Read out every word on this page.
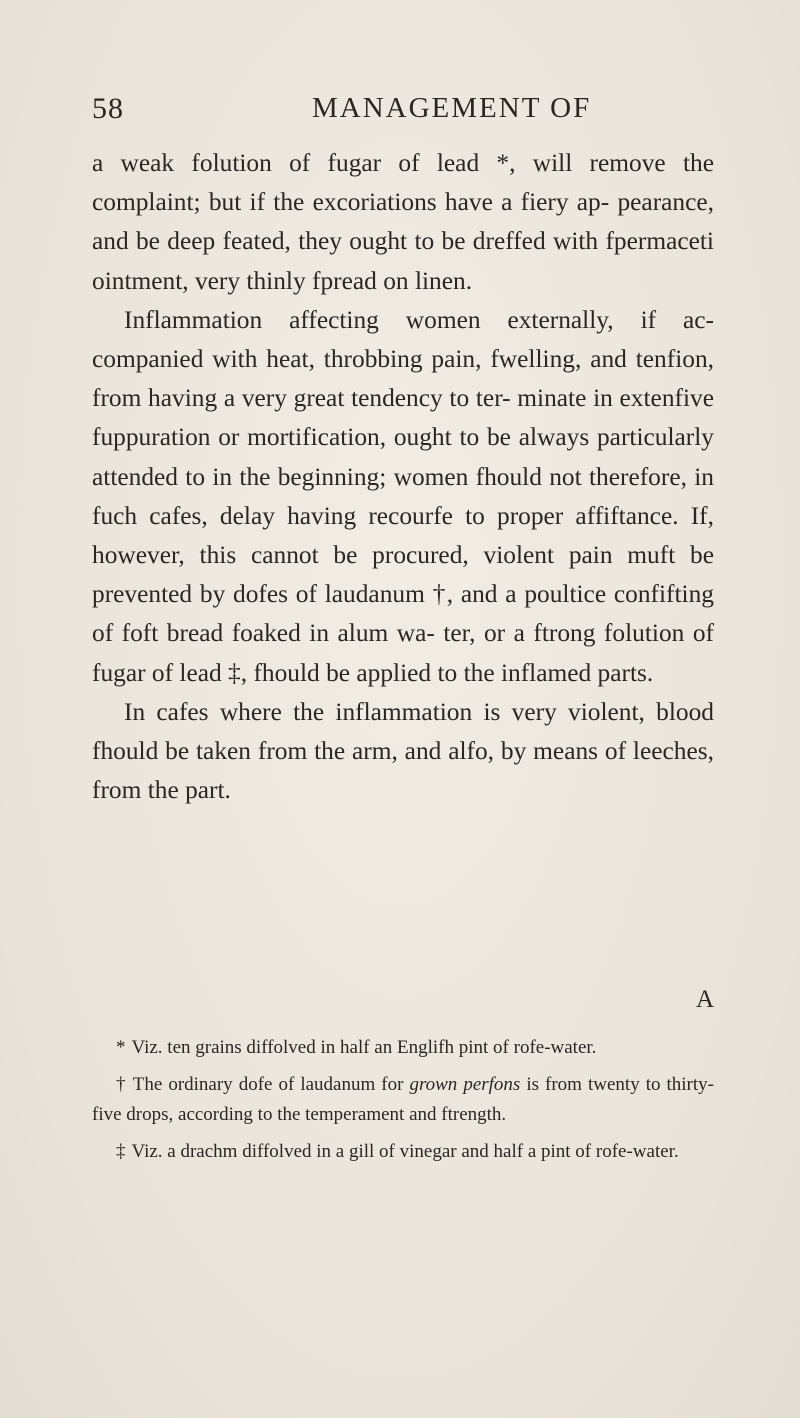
58	MANAGEMENT OF

a weak folution of fugar of lead *, will remove the complaint; but if the excoriations have a fiery ap- pearance, and be deep feated, they ought to be dreffed with fpermaceti ointment, very thinly fpread on linen.

Inflammation affecting women externally, if ac- companied with heat, throbbing pain, fwelling, and tenfion, from having a very great tendency to ter- minate in extenfive fuppuration or mortification, ought to be always particularly attended to in the beginning; women fhould not therefore, in fuch cafes, delay having recourfe to proper affiftance. If, however, this cannot be procured, violent pain muft be prevented by dofes of laudanum †, and a poultice confifting of foft bread foaked in alum wa- ter, or a ftrong folution of fugar of lead ‡, fhould be applied to the inflamed parts.

In cafes where the inflammation is very violent, blood fhould be taken from the arm, and alfo, by means of leeches, from the part.

A

* Viz. ten grains diffolved in half an Englifh pint of rofe-water.

† The ordinary dofe of laudanum for grown perfons is from twenty to thirty-five drops, according to the temperament and ftrength.

‡ Viz. a drachm diffolved in a gill of vinegar and half a pint of rofe-water.
